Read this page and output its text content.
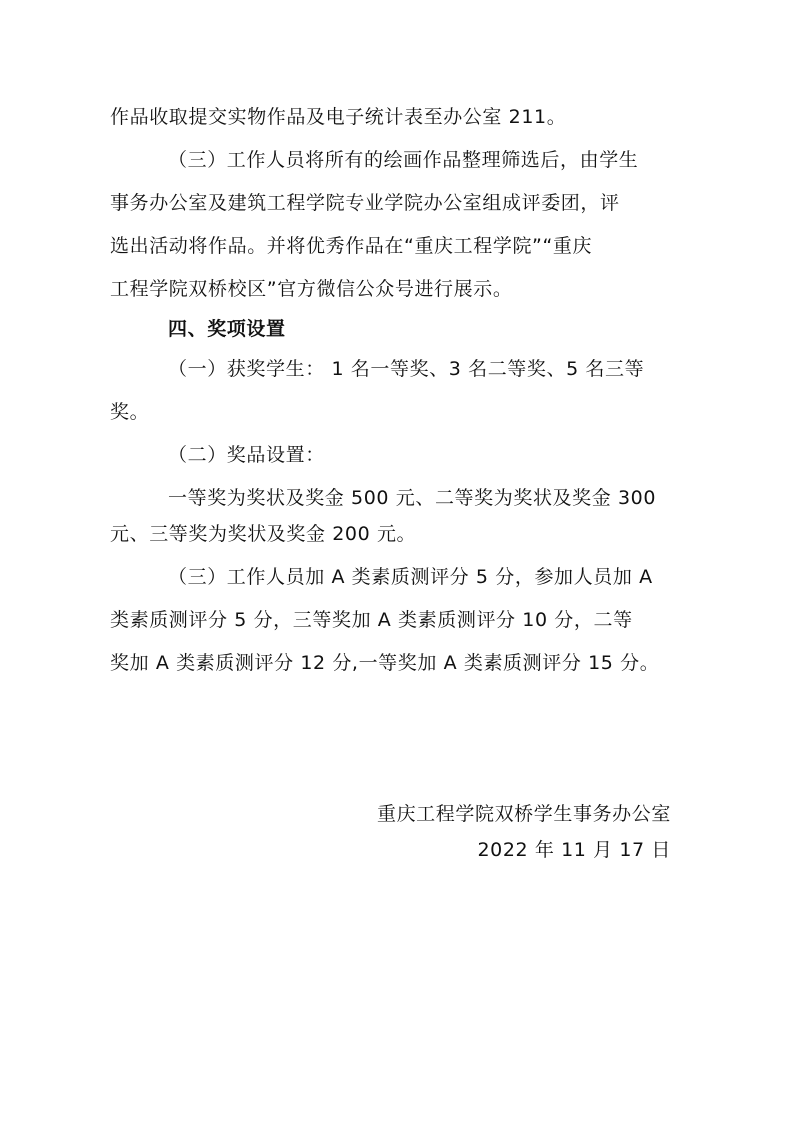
作品收取提交实物作品及电子统计表至办公室 211。
（三）工作人员将所有的绘画作品整理筛选后，由学生
事务办公室及建筑工程学院专业学院办公室组成评委团，评
选出活动将作品。并将优秀作品在“重庆工程学院”“重庆
工程学院双桥校区”官方微信公众号进行展示。
四、奖项设置
（一）获奖学生： 1 名一等奖、3 名二等奖、5 名三等
奖。
（二）奖品设置：
一等奖为奖状及奖金 500 元、二等奖为奖状及奖金 300
元、三等奖为奖状及奖金 200 元。
（三）工作人员加 A 类素质测评分 5 分，参加人员加 A
类素质测评分 5 分，三等奖加 A 类素质测评分 10 分，二等
奖加 A 类素质测评分 12 分,一等奖加 A 类素质测评分 15 分。
重庆工程学院双桥学生事务办公室
2022 年 11 月 17 日
